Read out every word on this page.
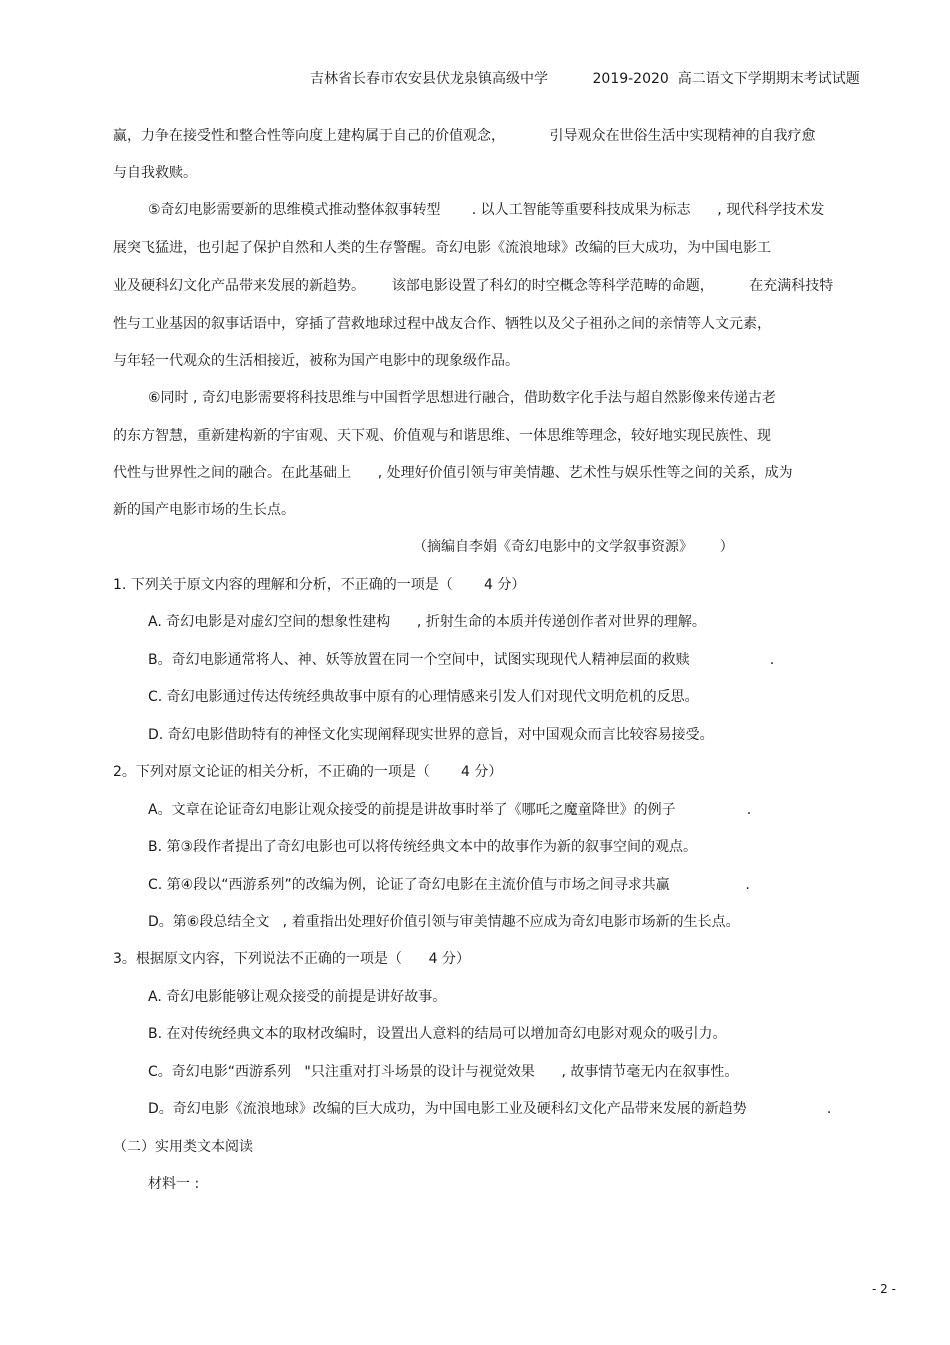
吉林省长春市农安县伏龙泉镇高级中学          2019-2020  高二语文下学期期末考试试题
赢，力争在接受性和整合性等向度上建构属于自己的价值观念，          引导观众在世俗生活中实现精神的自我疗愈
与自我救赎。
⑤奇幻电影需要新的思维模式推动整体叙事转型       . 以人工智能等重要科技成果为标志      , 现代科学技术发
展突飞猛进，也引起了保护自然和人类的生存警醒。奇幻电影《流浪地球》改编的巨大成功，为中国电影工
业及硬科幻文化产品带来发展的新趋势。      该部电影设置了科幻的时空概念等科学范畴的命题，        在充满科技特
性与工业基因的叙事话语中，穿插了营救地球过程中战友合作、牺牲以及父子祖孙之间的亲情等人文元素，
与年轻一代观众的生活相接近，被称为国产电影中的现象级作品。
⑥同时 , 奇幻电影需要将科技思维与中国哲学思想进行融合，借助数字化手法与超自然影像来传递古老
的东方智慧，重新建构新的宇宙观、天下观、价值观与和谐思维、一体思维等理念，较好地实现民族性、现
代性与世界性之间的融合。在此基础上      , 处理好价值引领与审美情趣、艺术性与娱乐性等之间的关系，成为
新的国产电影市场的生长点。
（摘编自李娟《奇幻电影中的文学叙事资源》      ）
1. 下列关于原文内容的理解和分析，不正确的一项是（       4 分）
A. 奇幻电影是对虚幻空间的想象性建构      , 折射生命的本质并传递创作者对世界的理解。
B。奇幻电影通常将人、神、妖等放置在同一个空间中，试图实现现代人精神层面的救赎                  .
C. 奇幻电影通过传达传统经典故事中原有的心理情感来引发人们对现代文明危机的反思。
D. 奇幻电影借助特有的神怪文化实现阐释现实世界的意旨，对中国观众而言比较容易接受。
2。下列对原文论证的相关分析，不正确的一项是（       4 分）
A。文章在论证奇幻电影让观众接受的前提是讲故事时举了《哪吒之魔童降世》的例子                .
B. 第③段作者提出了奇幻电影也可以将传统经典文本中的故事作为新的叙事空间的观点。
C. 第④段以“西游系列”的改编为例，论证了奇幻电影在主流价值与市场之间寻求共赢                 .
D。第⑥段总结全文   , 着重指出处理好价值引领与审美情趣不应成为奇幻电影市场新的生长点。
3。根据原文内容，下列说法不正确的一项是（      4 分）
A. 奇幻电影能够让观众接受的前提是讲好故事。
B. 在对传统经典文本的取材改编时，设置出人意料的结局可以增加奇幻电影对观众的吸引力。
C。奇幻电影“西游系列   "只注重对打斗场景的设计与视觉效果      , 故事情节毫无内在叙事性。
D。奇幻电影《流浪地球》改编的巨大成功，为中国电影工业及硬科幻文化产品带来发展的新趋势                  .
（二）实用类文本阅读
材料一 :
- 2 -
